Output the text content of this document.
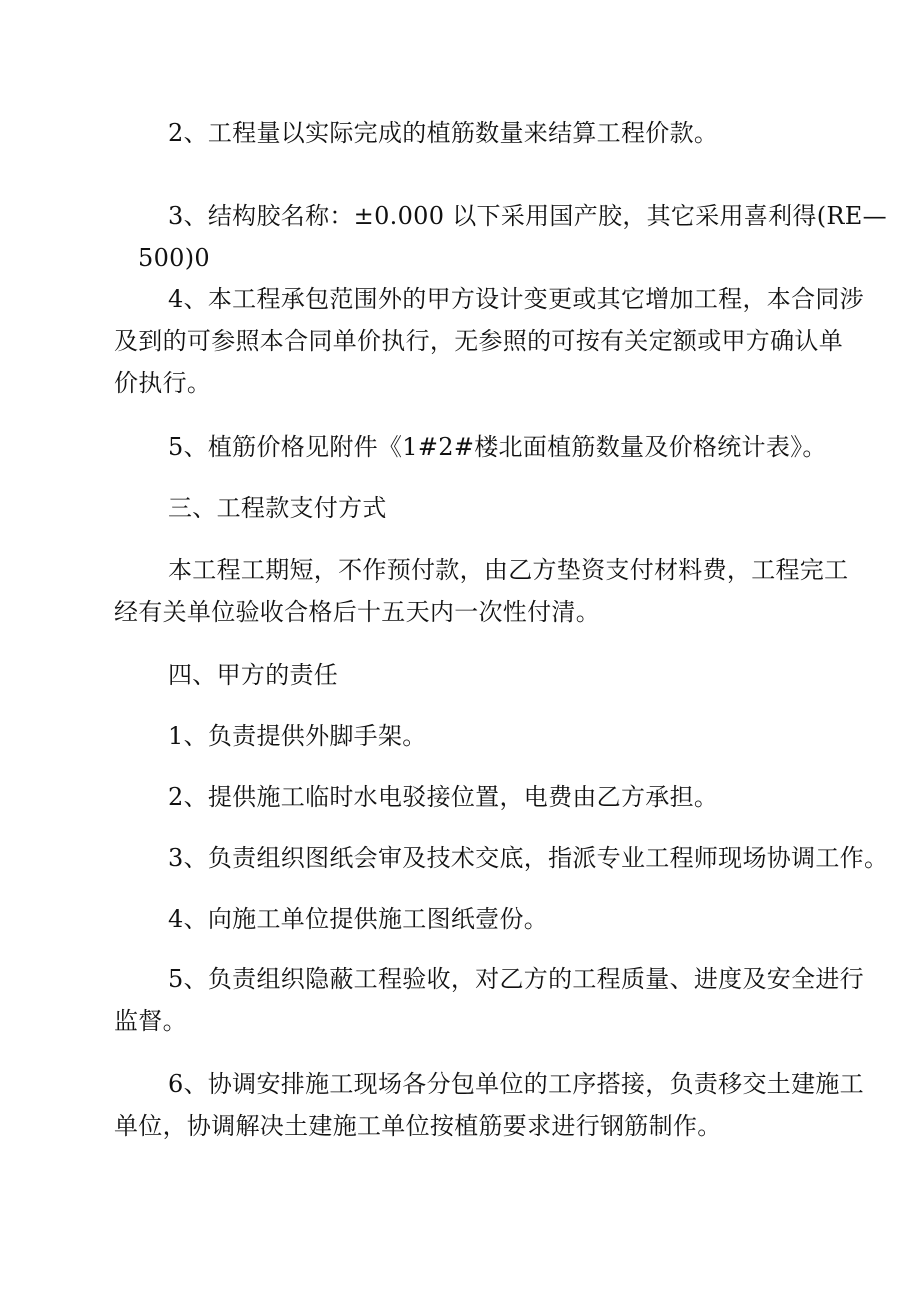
2、工程量以实际完成的植筋数量来结算工程价款。

3、结构胶名称：±0.000 以下采用国产胶，其它采用喜利得(RE—
500)0

4、本工程承包范围外的甲方设计变更或其它增加工程，本合同涉
及到的可参照本合同单价执行，无参照的可按有关定额或甲方确认单
价执行。

5、植筋价格见附件《1#2#楼北面植筋数量及价格统计表》。

三、工程款支付方式

本工程工期短，不作预付款，由乙方垫资支付材料费，工程完工
经有关单位验收合格后十五天内一次性付清。

四、甲方的责任

1、负责提供外脚手架。

2、提供施工临时水电驳接位置，电费由乙方承担。

3、负责组织图纸会审及技术交底，指派专业工程师现场协调工作。

4、向施工单位提供施工图纸壹份。

5、负责组织隐蔽工程验收，对乙方的工程质量、进度及安全进行
监督。

6、协调安排施工现场各分包单位的工序搭接，负责移交土建施工
单位，协调解决土建施工单位按植筋要求进行钢筋制作。
